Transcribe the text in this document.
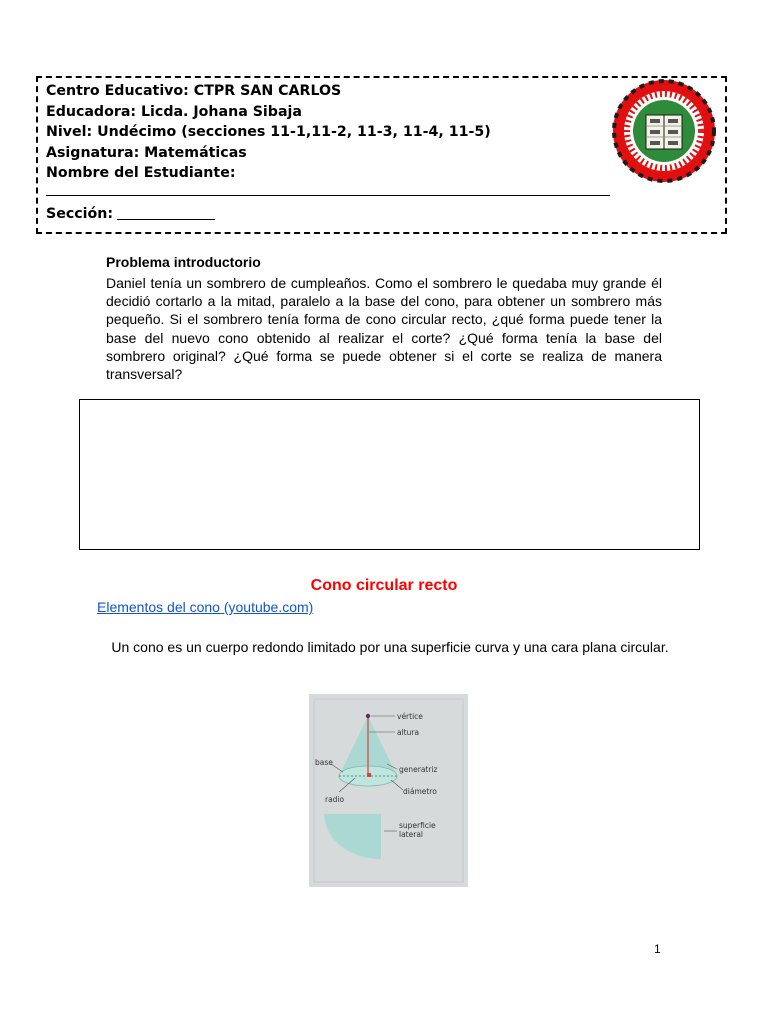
Centro Educativo: CTPR SAN CARLOS
Educadora: Licda. Johana Sibaja
Nivel: Undécimo (secciones 11-1,11-2, 11-3, 11-4, 11-5)
Asignatura: Matemáticas
Nombre del Estudiante:
Sección:
Problema introductorio
Daniel tenía un sombrero de cumpleaños. Como el sombrero le quedaba muy grande él decidió cortarlo a la mitad, paralelo a la base del cono, para obtener un sombrero más pequeño. Si el sombrero tenía forma de cono circular recto, ¿qué forma puede tener la base del nuevo cono obtenido al realizar el corte? ¿Qué forma tenía la base del sombrero original? ¿Qué forma se puede obtener si el corte se realiza de manera transversal?
Cono circular recto
Elementos del cono (youtube.com)
Un cono es un cuerpo redondo limitado por una superficie curva y una cara plana circular.
vértice
altura
base
generatriz
diámetro
radio
superficie
lateral
1
